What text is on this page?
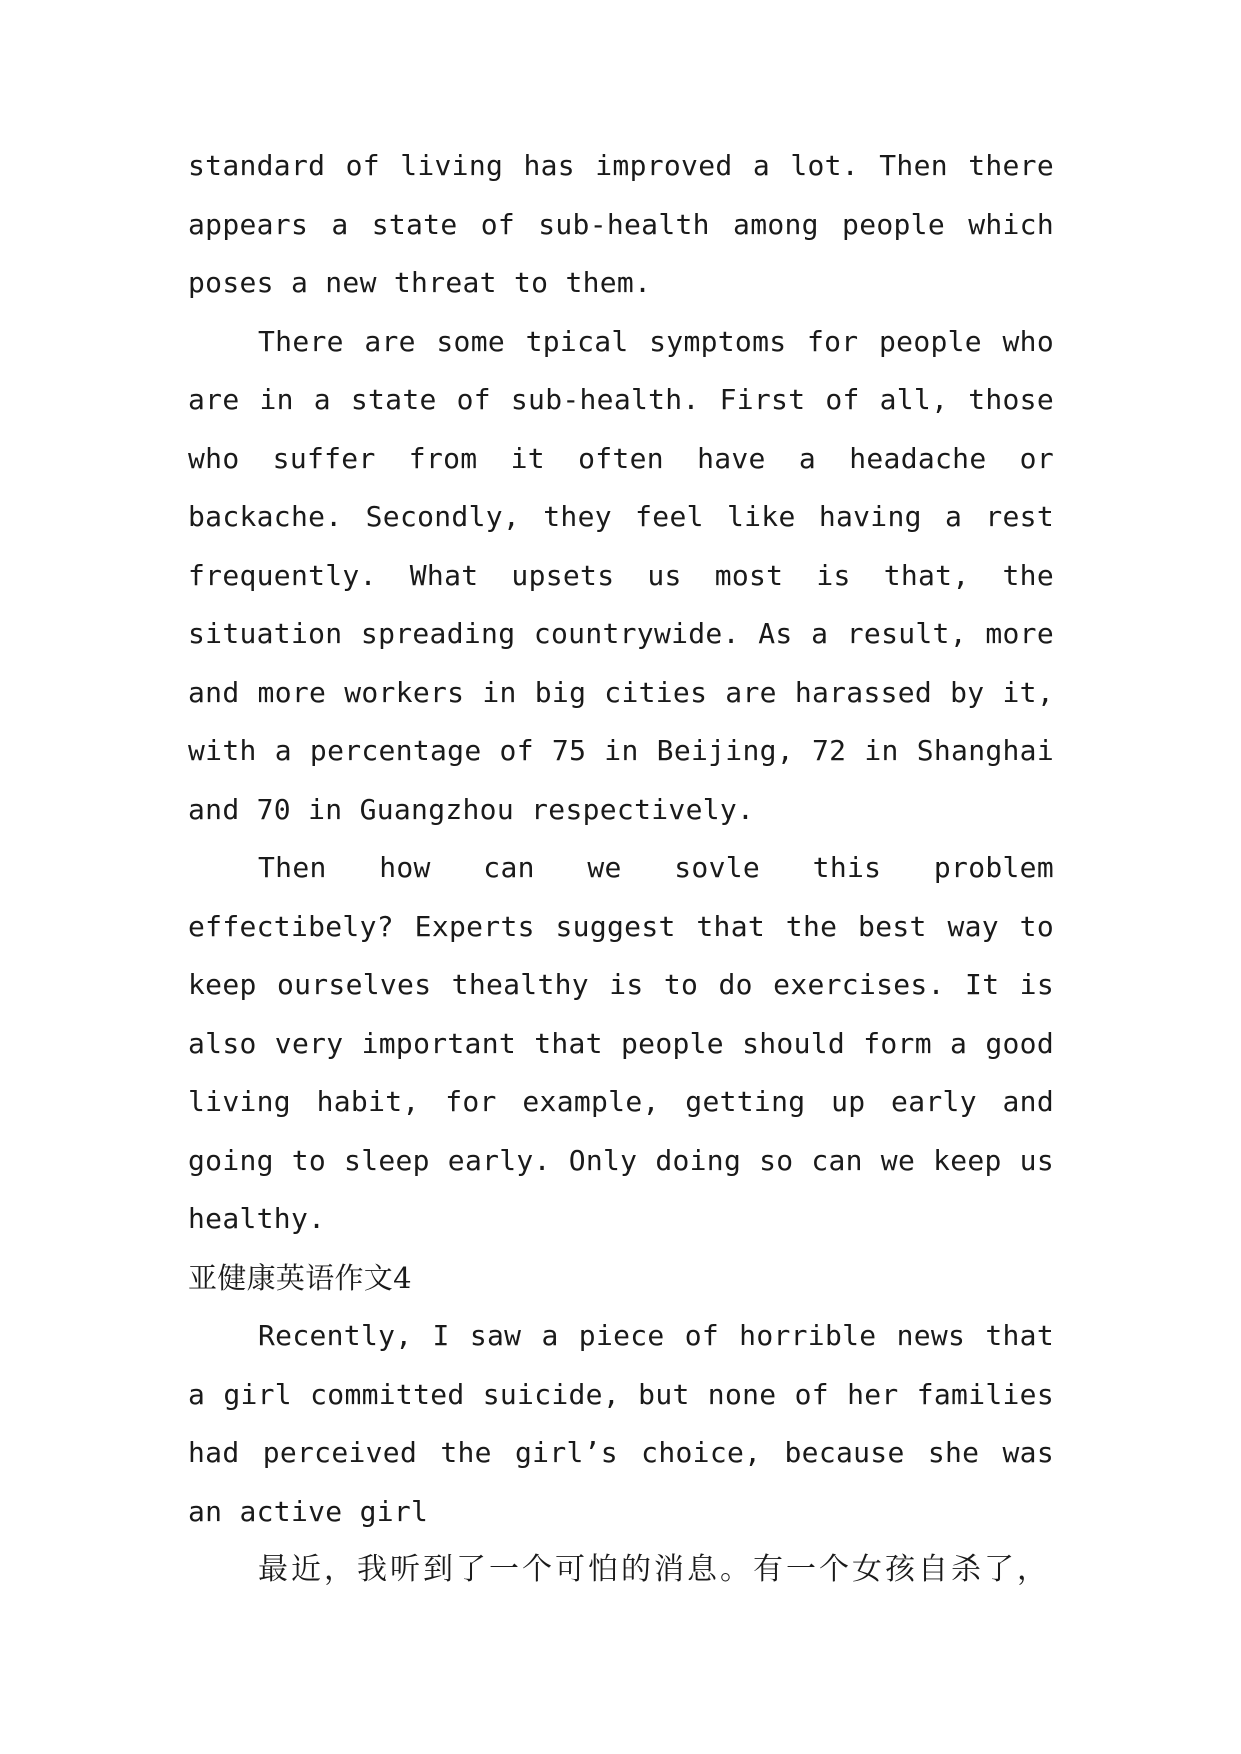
standard of living has improved a lot. Then there appears a state of sub-health among people which poses a new threat to them.

There are some tpical symptoms for people who are in a state of sub-health. First of all, those who suffer from it often have a headache or backache. Secondly, they feel like having a rest frequently. What upsets us most is that, the situation spreading countrywide. As a result, more and more workers in big cities are harassed by it, with a percentage of 75 in Beijing, 72 in Shanghai and 70 in Guangzhou respectively.

Then how can we sovle this problem effectibely? Experts suggest that the best way to keep ourselves thealthy is to do exercises. It is also very important that people should form a good living habit, for example, getting up early and going to sleep early. Only doing so can we keep us healthy.

亚健康英语作文4

Recently, I saw a piece of horrible news that a girl committed suicide, but none of her families had perceived the girl’s choice, because she was an active girl

最近，我听到了一个可怕的消息。有一个女孩自杀了，
